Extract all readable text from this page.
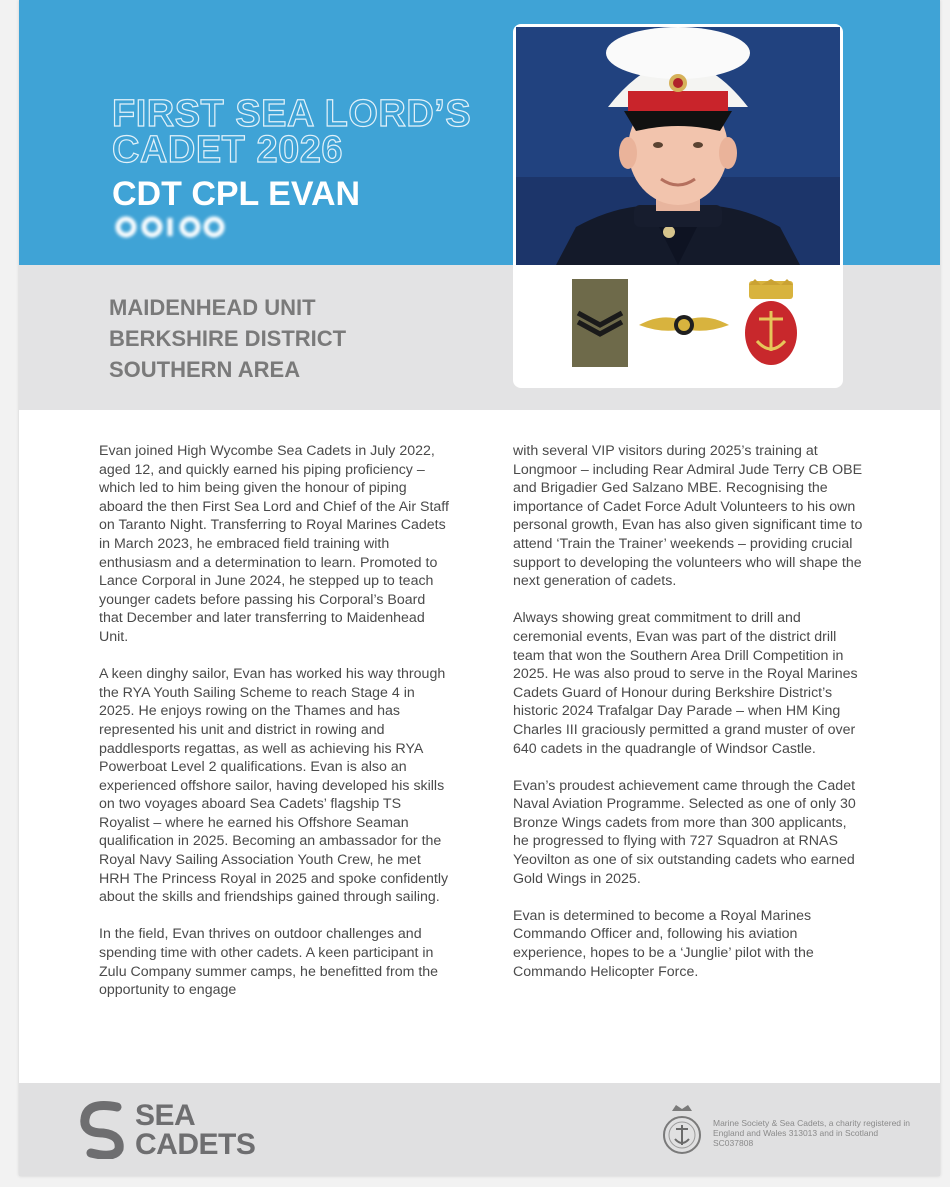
FIRST SEA LORD’S
CADET 2026
CDT CPL EVAN
MAIDENHEAD UNIT
BERKSHIRE DISTRICT
SOUTHERN AREA

Evan joined High Wycombe Sea Cadets in July 2022, aged 12, and quickly earned his piping proficiency – which led to him being given the honour of piping aboard the then First Sea Lord and Chief of the Air Staff on Taranto Night. Transferring to Royal Marines Cadets in March 2023, he embraced field training with enthusiasm and a determination to learn. Promoted to Lance Corporal in June 2024, he stepped up to teach younger cadets before passing his Corporal’s Board that December and later transferring to Maidenhead Unit.

A keen dinghy sailor, Evan has worked his way through the RYA Youth Sailing Scheme to reach Stage 4 in 2025. He enjoys rowing on the Thames and has represented his unit and district in rowing and paddlesports regattas, as well as achieving his RYA Powerboat Level 2 qualifications. Evan is also an experienced offshore sailor, having developed his skills on two voyages aboard Sea Cadets’ flagship TS Royalist – where he earned his Offshore Seaman qualification in 2025. Becoming an ambassador for the Royal Navy Sailing Association Youth Crew, he met HRH The Princess Royal in 2025 and spoke confidently about the skills and friendships gained through sailing.

In the field, Evan thrives on outdoor challenges and spending time with other cadets. A keen participant in Zulu Company summer camps, he benefitted from the opportunity to engage

with several VIP visitors during 2025’s training at Longmoor – including Rear Admiral Jude Terry CB OBE and Brigadier Ged Salzano MBE. Recognising the importance of Cadet Force Adult Volunteers to his own personal growth, Evan has also given significant time to attend ‘Train the Trainer’ weekends – providing crucial support to developing the volunteers who will shape the next generation of cadets.

Always showing great commitment to drill and ceremonial events, Evan was part of the district drill team that won the Southern Area Drill Competition in 2025. He was also proud to serve in the Royal Marines Cadets Guard of Honour during Berkshire District’s historic 2024 Trafalgar Day Parade – when HM King Charles III graciously permitted a grand muster of over 640 cadets in the quadrangle of Windsor Castle.

Evan’s proudest achievement came through the Cadet Naval Aviation Programme. Selected as one of only 30 Bronze Wings cadets from more than 300 applicants, he progressed to flying with 727 Squadron at RNAS Yeovilton as one of six outstanding cadets who earned Gold Wings in 2025.

Evan is determined to become a Royal Marines Commando Officer and, following his aviation experience, hopes to be a ‘Junglie’ pilot with the Commando Helicopter Force.

SEA
CADETS

Marine Society & Sea Cadets, a charity registered in England and Wales 313013 and in Scotland SC037808
